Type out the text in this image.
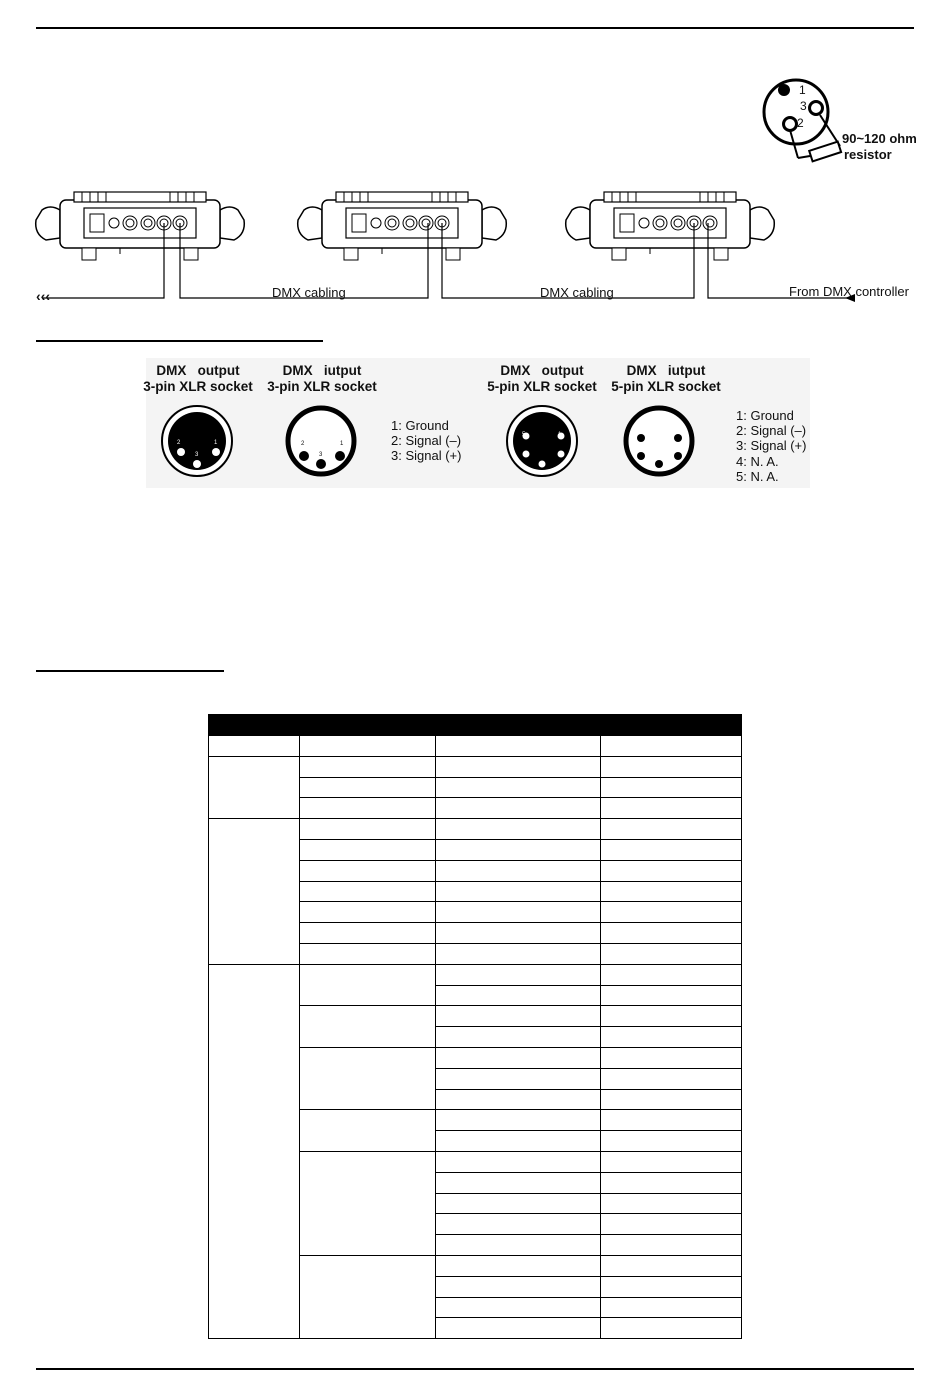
1
3
2
90~120 ohm
resistor
‹‹‹	DMX cabling	DMX cabling	From DMX controller
DMX   output
3-pin XLR socket
DMX   iutput
3-pin XLR socket
DMX   output
5-pin XLR socket
DMX   iutput
5-pin XLR socket
2
3
1	2
3
1
1: Ground
2: Signal (–)
3: Signal (+)
5	1
1: Ground
2: Signal (–)
3: Signal (+)
4: N. A.
5: N. A.
